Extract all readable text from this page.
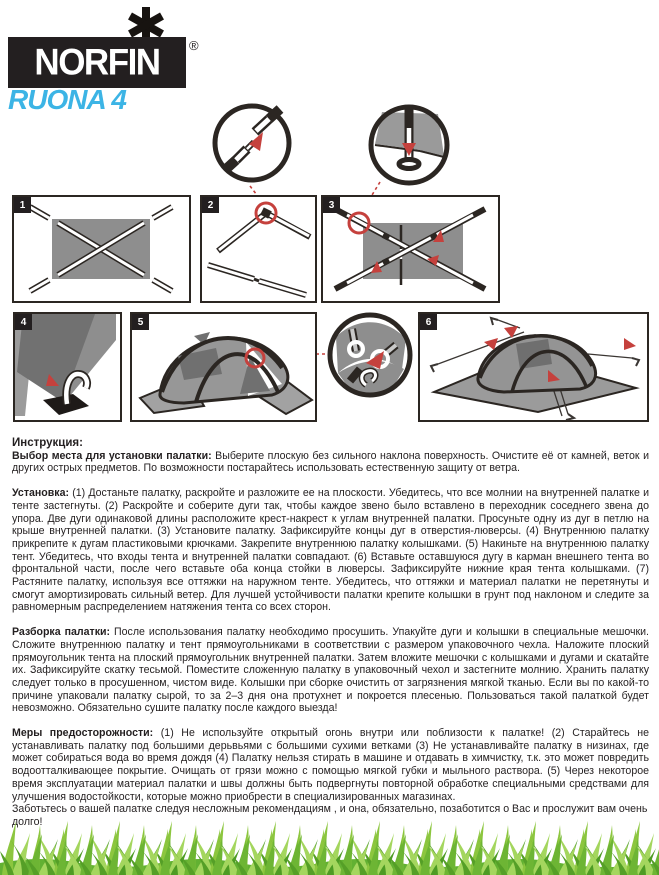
NORFIN ®
RUONA 4
1	2	3
4	5	6

Инструкция:

Выбор места для установки палатки: Выберите плоскую без сильного наклона поверхность. Очистите её от камней, веток и других острых предметов. По возможности постарайтесь использовать естественную защиту от ветра.

Установка: (1) Достаньте палатку, раскройте и разложите ее на плоскости. Убедитесь, что все молнии на внутренней палатке и тенте застегнуты. (2) Раскройте и соберите дуги так, чтобы каждое звено было вставлено в переходник соседнего звена до упора. Две дуги одинаковой длины расположите крест-накрест к углам внутренней палатки. Просуньте одну из дуг в петлю на крыше внутренней палатки. (3) Установите палатку. Зафиксируйте концы дуг в отверстия-люверсы. (4) Внутреннюю палатку прикрепите к дугам пластиковыми крючками. Закрепите внутреннюю палатку колышками. (5) Накиньте на внутреннюю палатку тент. Убедитесь, что входы тента и внутренней палатки совпадают. (6) Вставьте оставшуюся дугу в карман внешнего тента во фронтальной части, после чего вставьте оба конца стойки в люверсы. Зафиксируйте нижние края тента колышками. (7) Растяните палатку, используя все оттяжки на наружном тенте. Убедитесь, что оттяжки и материал палатки не перетянуты и смогут амортизировать сильный ветер. Для лучшей устойчивости палатки крепите колышки в грунт под наклоном и следите за равномерным распределением натяжения тента со всех сторон.

Разборка палатки: После использования палатку необходимо просушить. Упакуйте дуги и колышки в специальные мешочки. Сложите внутреннюю палатку и тент прямоугольниками в соответствии с размером упаковочного чехла. Наложите плоский прямоугольник тента на плоский прямоугольник внутренней палатки. Затем вложите мешочки с колышками и дугами и скатайте их. Зафиксируйте скатку тесьмой. Поместите сложенную палатку в упаковочный чехол и застегните молнию. Хранить палатку следует только в просушенном, чистом виде. Колышки при сборке очистить от загрязнения мягкой тканью. Если вы по какой-то причине упаковали палатку сырой, то за 2–3 дня она протухнет и покроется плесенью. Пользоваться такой палаткой будет невозможно. Обязательно сушите палатку после каждого выезда!

Меры предосторожности: (1) Не используйте открытый огонь внутри или поблизости к палатке! (2) Старайтесь не устанавливать палатку под большими дерьвьями с большими сухими ветками (3) Не устанавливайте палатку в низинах, где может собираться вода во время дождя (4) Палатку нельзя стирать в машине и отдавать в химчистку, т.к. это может повредить водоотталкивающее покрытие. Очищать от грязи можно с помощью мягкой губки и мыльного раствора. (5) Через некоторое время эксплуатации материал палатки и швы должны быть подвергнуты повторной обработке специальными средствами для улучшения водостойкости, которые можно приобрести в специализированных магазинах.

Заботьтесь о вашей палатке следуя несложным рекомендациям , и она, обязательно, позаботится о Вас и прослужит вам очень долго!
